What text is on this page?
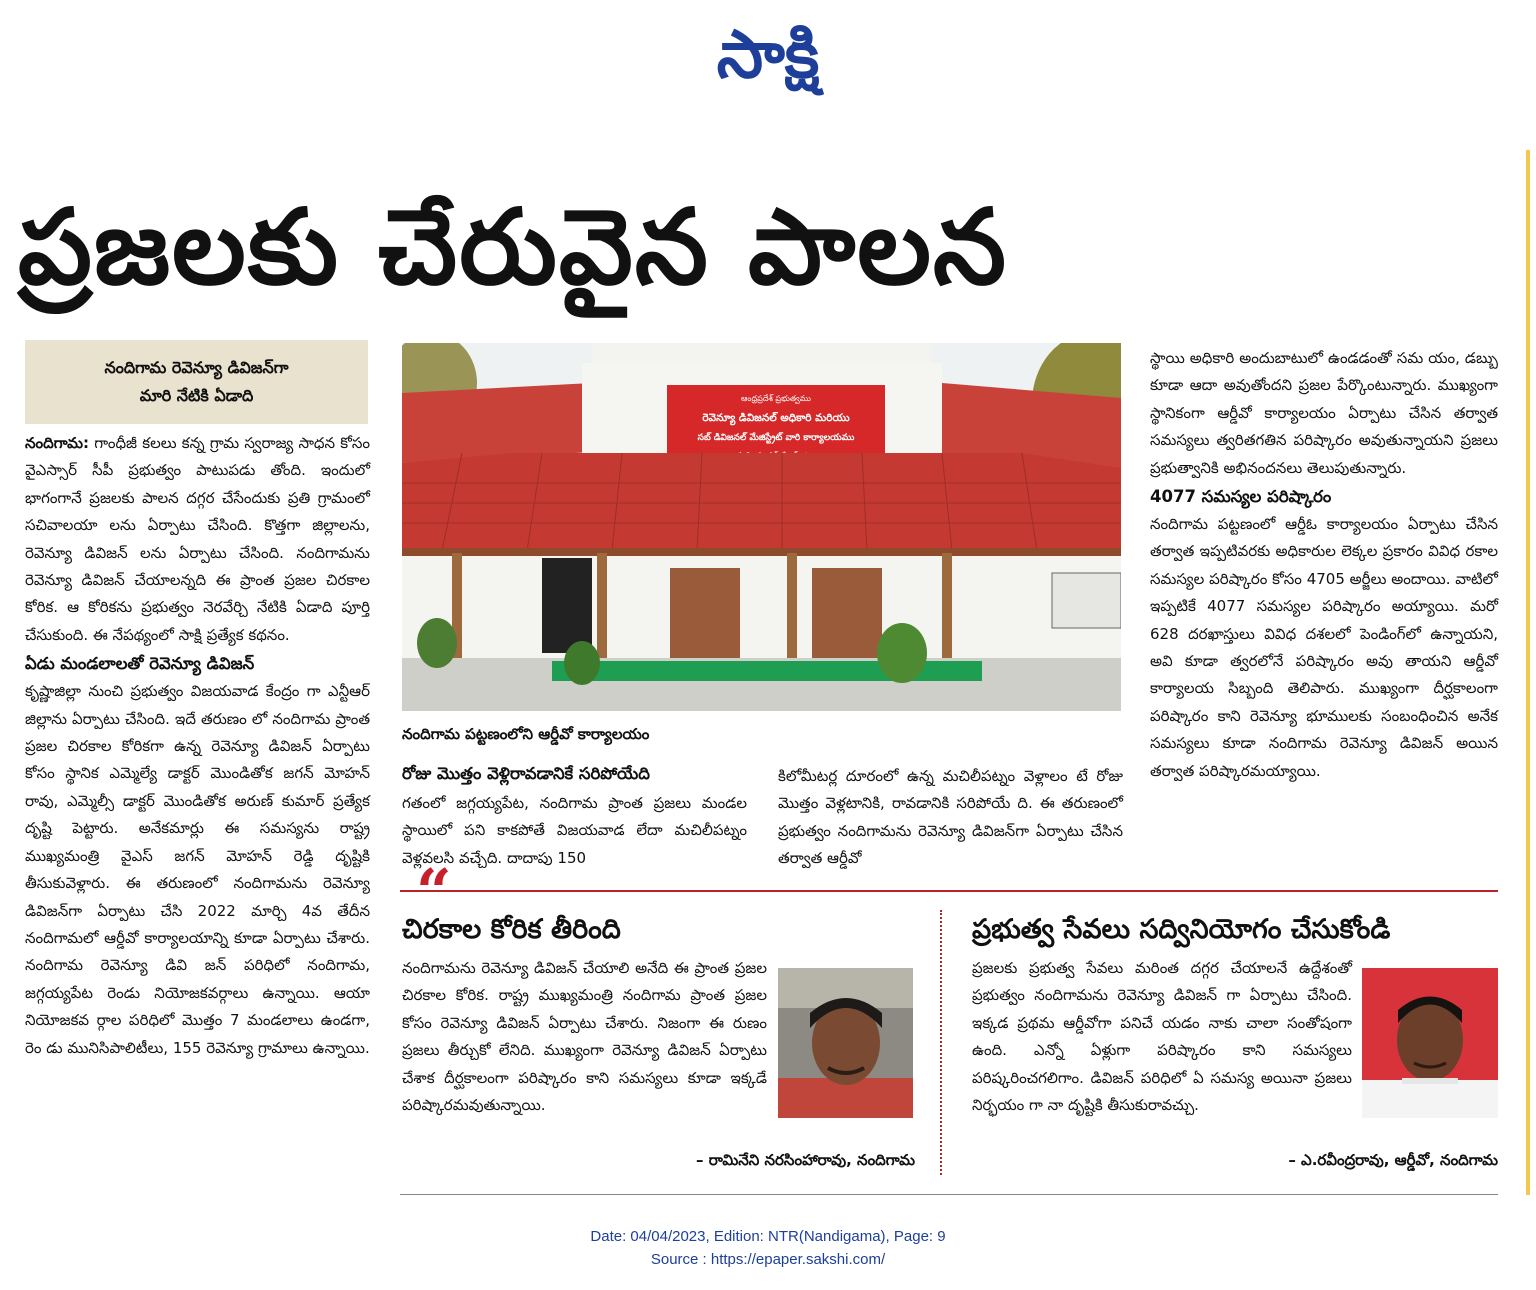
సాక్షి
ప్రజలకు చేరువైన పాలన
నందిగామ రెవెన్యూ డివిజన్‌గా
మారి నేటికి ఏడాది

నందిగామ: గాంధీజీ కలలు కన్న గ్రామ స్వరాజ్య సాధన కోసం వైఎస్సార్‌ సీపీ ప్రభుత్వం పాటుపడు తోంది. ఇందులో భాగంగానే ప్రజలకు పాలన దగ్గర చేసేందుకు ప్రతి గ్రామంలో సచివాలయా లను ఏర్పాటు చేసింది. కొత్తగా జిల్లాలను, రెవెన్యూ డివిజన్‌ లను ఏర్పాటు చేసింది. నందిగామను రెవెన్యూ డివిజన్‌ చేయాలన్నది ఈ ప్రాంత ప్రజల చిరకాల కోరిక. ఆ కోరికను ప్రభుత్వం నెరవేర్చి నేటికి ఏడాది పూర్తి చేసుకుంది. ఈ నేపథ్యంలో సాక్షి ప్రత్యేక కథనం.

ఏడు మండలాలతో రెవెన్యూ డివిజన్‌

కృష్ణాజిల్లా నుంచి ప్రభుత్వం విజయవాడ కేంద్రం గా ఎన్టీఆర్‌ జిల్లాను ఏర్పాటు చేసింది. ఇదే తరుణం లో నందిగామ ప్రాంత ప్రజల చిరకాల కోరికగా ఉన్న రెవెన్యూ డివిజన్‌ ఏర్పాటు కోసం స్థానిక ఎమ్మెల్యే డాక్టర్‌ మొండితోక జగన్‌ మోహన్‌ రావు, ఎమ్మెల్సీ డాక్టర్‌ మొండితోక అరుణ్‌ కుమార్‌ ప్రత్యేక దృష్టి పెట్టారు. అనేకమార్లు ఈ సమస్యను రాష్ట్ర ముఖ్యమంత్రి వైఎస్‌ జగన్‌ మోహన్‌ రెడ్డి దృష్టికి తీసుకువెళ్లారు. ఈ తరుణంలో నందిగామను రెవెన్యూ డివిజన్‌గా ఏర్పాటు చేసి 2022 మార్చి 4వ తేదీన నందిగామలో ఆర్డీవో కార్యాలయాన్ని కూడా ఏర్పాటు చేశారు. నందిగామ రెవెన్యూ డివి జన్‌ పరిధిలో నందిగామ, జగ్గయ్యపేట రెండు నియోజకవర్గాలు ఉన్నాయి. ఆయా నియోజకవ ర్గాల పరిధిలో మొత్తం 7 మండలాలు ఉండగా, రెం డు మునిసిపాలిటీలు, 155 రెవెన్యూ గ్రామాలు ఉన్నాయి.

ఆంధ్రప్రదేశ్ ప్రభుత్వము
రెవెన్యూ డివిజనల్ అధికారి మరియు
సబ్ డివిజనల్ మేజిస్ట్రేట్ వారి కార్యాలయము
నందిగామ పట్టణంలోని ఆర్డీవో కార్యాలయం
రోజు మొత్తం వెళ్లిరావడానికే సరిపోయేది
గతంలో జగ్గయ్యపేట, నందిగామ ప్రాంత ప్రజలు మండల స్థాయిలో పని కాకపోతే విజయవాడ లేదా మచిలీపట్నం వెళ్లవలసి వచ్చేది. దాదాపు 150
కిలోమీటర్ల దూరంలో ఉన్న మచిలీపట్నం వెళ్లాలం టే రోజు మొత్తం వెళ్లటానికి, రావడానికి సరిపోయే ది. ఈ తరుణంలో ప్రభుత్వం నందిగామను రెవెన్యూ డివిజన్‌గా ఏర్పాటు చేసిన తర్వాత ఆర్డీవో

స్థాయి అధికారి అందుబాటులో ఉండడంతో సమ యం, డబ్బు కూడా ఆదా అవుతోందని ప్రజల పేర్కొంటున్నారు. ముఖ్యంగా స్థానికంగా ఆర్డీవో కార్యాలయం ఏర్పాటు చేసిన తర్వాత సమస్యలు త్వరితగతిన పరిష్కారం అవుతున్నాయని ప్రజలు ప్రభుత్వానికి అభినందనలు తెలుపుతున్నారు.

4077 సమస్యల పరిష్కారం

నందిగామ పట్టణంలో ఆర్డీఓ కార్యాలయం ఏర్పాటు చేసిన తర్వాత ఇప్పటివరకు అధికారుల లెక్కల ప్రకారం వివిధ రకాల సమస్యల పరిష్కారం కోసం 4705 అర్జీలు అందాయి. వాటిలో ఇప్పటికే 4077 సమస్యల పరిష్కారం అయ్యాయి. మరో 628 దరఖాస్తులు వివిధ దశలలో పెండింగ్‌లో ఉన్నాయని, అవి కూడా త్వరలోనే పరిష్కారం అవు తాయని ఆర్డీవో కార్యాలయ సిబ్బంది తెలిపారు. ముఖ్యంగా దీర్ఘకాలంగా పరిష్కారం కాని రెవెన్యూ భూములకు సంబంధించిన అనేక సమస్యలు కూడా నందిగామ రెవెన్యూ డివిజన్‌ అయిన తర్వాత పరిష్కారమయ్యాయి.

“
చిరకాల కోరిక తీరింది
నందిగామను రెవెన్యూ డివిజన్‌ చేయాలి అనేది ఈ ప్రాంత ప్రజల చిరకాల కోరిక. రాష్ట్ర ముఖ్యమంత్రి నందిగామ ప్రాంత ప్రజల కోసం రెవెన్యూ డివిజన్‌ ఏర్పాటు చేశారు. నిజంగా ఈ రుణం ప్రజలు తీర్చుకో లేనిది. ముఖ్యంగా రెవెన్యూ డివిజన్‌ ఏర్పాటు చేశాక దీర్ఘకాలంగా పరిష్కారం కాని సమస్యలు కూడా ఇక్కడే పరిష్కారమవుతున్నాయి.
– రామినేని నరసింహారావు, నందిగామ
ప్రభుత్వ సేవలు సద్వినియోగం చేసుకోండి
ప్రజలకు ప్రభుత్వ సేవలు మరింత దగ్గర చేయాలనే ఉద్దేశంతో ప్రభుత్వం నందిగామను రెవెన్యూ డివిజన్‌ గా ఏర్పాటు చేసింది. ఇక్కడ ప్రథమ ఆర్డీవోగా పనిచే యడం నాకు చాలా సంతోషంగా ఉంది. ఎన్నో ఏళ్లుగా పరిష్కారం కాని సమస్యలు పరిష్కరించగలిగాం. డివిజన్‌ పరిధిలో ఏ సమస్య అయినా ప్రజలు నిర్భయం గా నా దృష్టికి తీసుకురావచ్చు.
– ఎ.రవీంద్రరావు, ఆర్డీవో, నందిగామ
Date: 04/04/2023, Edition: NTR(Nandigama), Page: 9
Source : https://epaper.sakshi.com/
